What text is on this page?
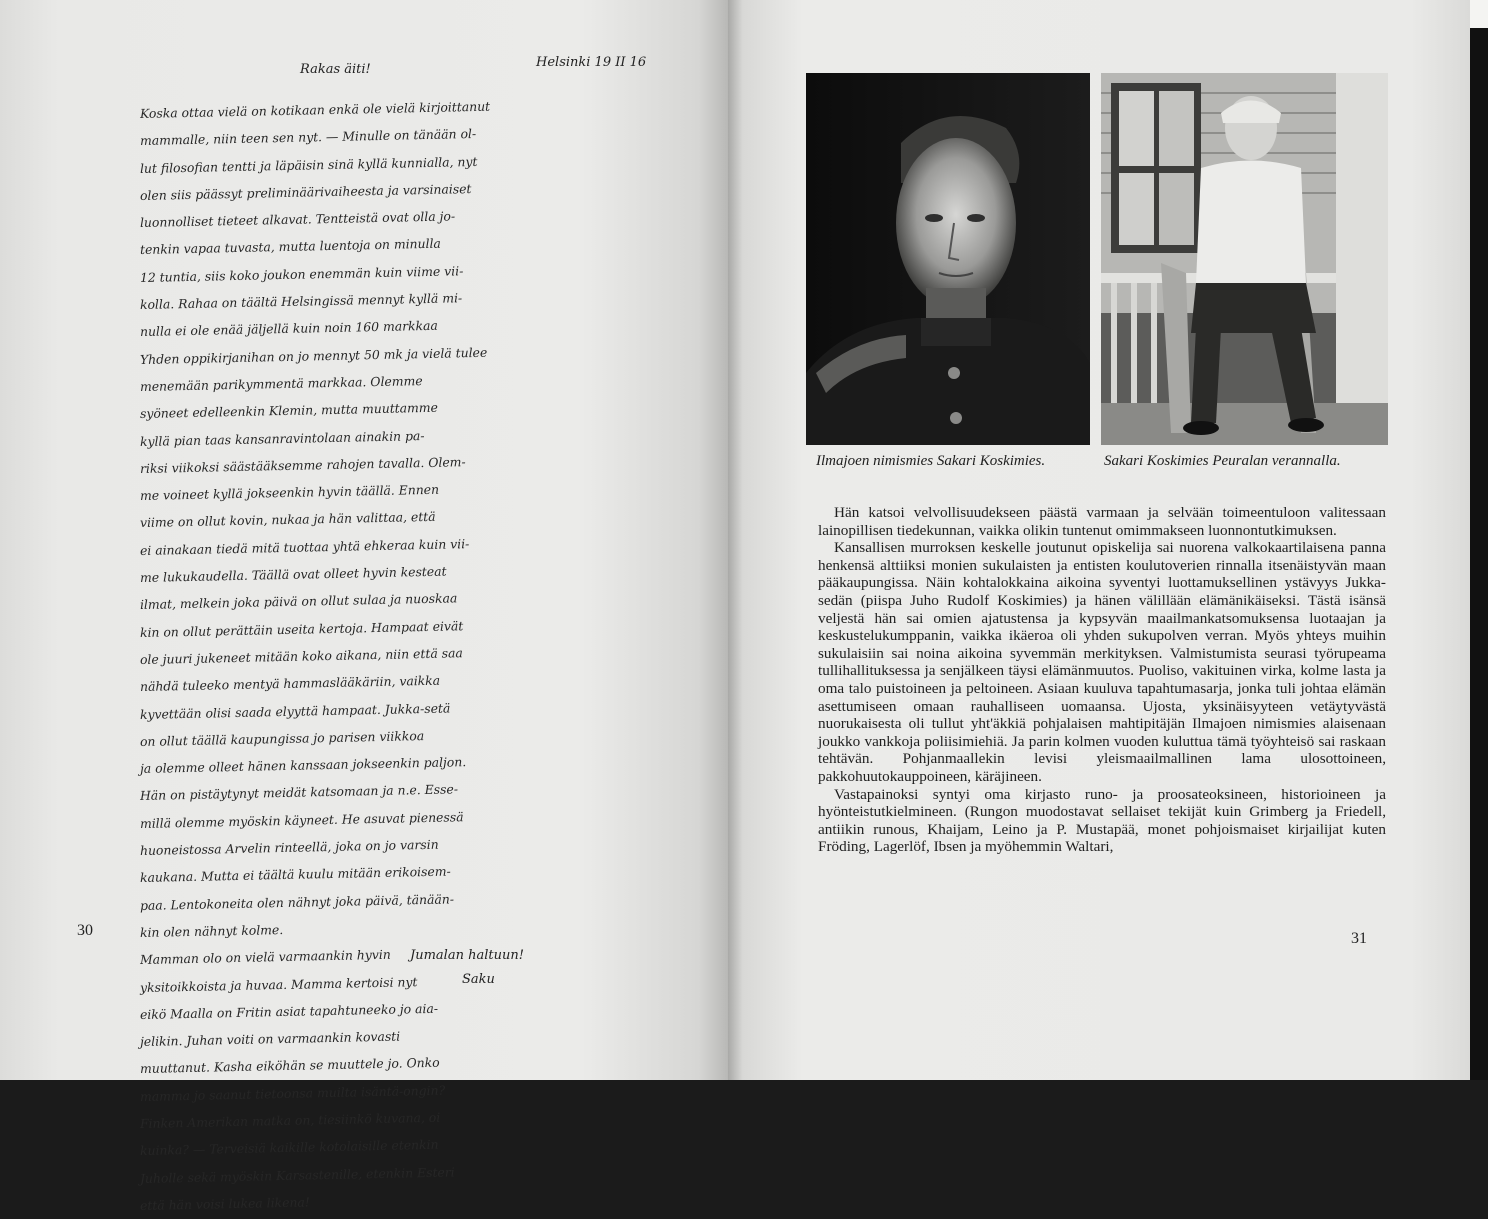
Rakas äiti!	Helsinki 19 II 16
Koska ottaa vielä on kotikaan enkä ole vielä kirjoittanut
mammalle, niin teen sen nyt. — Minulle on tänään ol-
lut filosofian tentti ja läpäisin sinä kyllä kunnialla, nyt
olen siis päässyt preliminäärivaiheesta ja varsinaiset
luonnolliset tieteet alkavat. Tentteistä ovat olla jo-
tenkin vapaa tuvasta, mutta luentoja on minulla
12 tuntia, siis koko joukon enemmän kuin viime vii-
kolla. Rahaa on täältä Helsingissä mennyt kyllä mi-
nulla ei ole enää jäljellä kuin noin 160 markkaa
Yhden oppikirjanihan on jo mennyt 50 mk ja vielä tulee
menemään parikymmentä markkaa. Olemme
syöneet edelleenkin Klemin, mutta muuttamme
kyllä pian taas kansanravintolaan ainakin pa-
riksi viikoksi säästääksemme rahojen tavalla. Olem-
me voineet kyllä jokseenkin hyvin täällä. Ennen
viime on ollut kovin, nukaa ja hän valittaa, että
ei ainakaan tiedä mitä tuottaa yhtä ehkeraa kuin vii-
me lukukaudella. Täällä ovat olleet hyvin kesteat
ilmat, melkein joka päivä on ollut sulaa ja nuoskaa
kin on ollut perättäin useita kertoja. Hampaat eivät
ole juuri jukeneet mitään koko aikana, niin että saa
nähdä tuleeko mentyä hammaslääkäriin, vaikka
kyvettään olisi saada elyyttä hampaat. Jukka-setä
on ollut täällä kaupungissa jo parisen viikkoa
ja olemme olleet hänen kanssaan jokseenkin paljon.
Hän on pistäytynyt meidät katsomaan ja n.e. Esse-
millä olemme myöskin käyneet. He asuvat pienessä
huoneistossa Arvelin rinteellä, joka on jo varsin
kaukana. Mutta ei täältä kuulu mitään erikoisem-
paa. Lentokoneita olen nähnyt joka päivä, tänään-
kin olen nähnyt kolme.
Mamman olo on vielä varmaankin hyvin
yksitoikkoista ja huvaa. Mamma kertoisi nyt
eikö Maalla on Fritin asiat tapahtuneeko jo aia-
jelikin. Juhan voiti on varmaankin kovasti
muuttanut. Kasha eiköhän se muuttele jo. Onko
mamma jo saanut tietoonsa muilta isäntä-ongin?
Finken Amerikan matka on, tiesiinkö kuvana, oi
kuinka? — Terveisiä kaikille kotolaisille etenkin
Juholle sekä myöskin Karsastenille, etenkin Esteri
että hän voisi lukea likena!
Jumalan haltuun!
Saku
30
Ilmajoen nimismies Sakari Koskimies.	Sakari Koskimies Peuralan verannalla.

Hän katsoi velvollisuudekseen päästä varmaan ja selvään toimeentuloon valitessaan lainopillisen tiedekunnan, vaikka olikin tuntenut omimmakseen luonnontutkimuksen.

Kansallisen murroksen keskelle joutunut opiskelija sai nuorena valkokaartilaisena panna henkensä alttiiksi monien sukulaisten ja entisten koulutoverien rinnalla itsenäistyvän maan pääkaupungissa. Näin kohtalokkaina aikoina syventyi luottamuksellinen ystävyys Jukka-sedän (piispa Juho Rudolf Koskimies) ja hänen välillään elämänikäiseksi. Tästä isänsä veljestä hän sai omien ajatustensa ja kypsyvän maailmankatsomuksensa luotaajan ja keskustelukumppanin, vaikka ikäeroa oli yhden sukupolven verran. Myös yhteys muihin sukulaisiin sai noina aikoina syvemmän merkityksen. Valmistumista seurasi työrupeama tullihallituksessa ja senjälkeen täysi elämänmuutos. Puoliso, vakituinen virka, kolme lasta ja oma talo puistoineen ja peltoineen. Asiaan kuuluva tapahtumasarja, jonka tuli johtaa elämän asettumiseen omaan rauhalliseen uomaansa. Ujosta, yksinäisyyteen vetäytyvästä nuorukaisesta oli tullut yht'äkkiä pohjalaisen mahtipitäjän Ilmajoen nimismies alaisenaan joukko vankkoja poliisimiehiä. Ja parin kolmen vuoden kuluttua tämä työyhteisö sai raskaan tehtävän. Pohjanmaallekin levisi yleismaailmallinen lama ulosottoineen, pakkohuutokauppoineen, käräjineen.

Vastapainoksi syntyi oma kirjasto runo- ja proosateoksineen, historioineen ja hyönteistutkielmineen. (Rungon muodostavat sellaiset tekijät kuin Grimberg ja Friedell, antiikin runous, Khaijam, Leino ja P. Mustapää, monet pohjoismaiset kirjailijat kuten Fröding, Lagerlöf, Ibsen ja myöhemmin Waltari,

31
